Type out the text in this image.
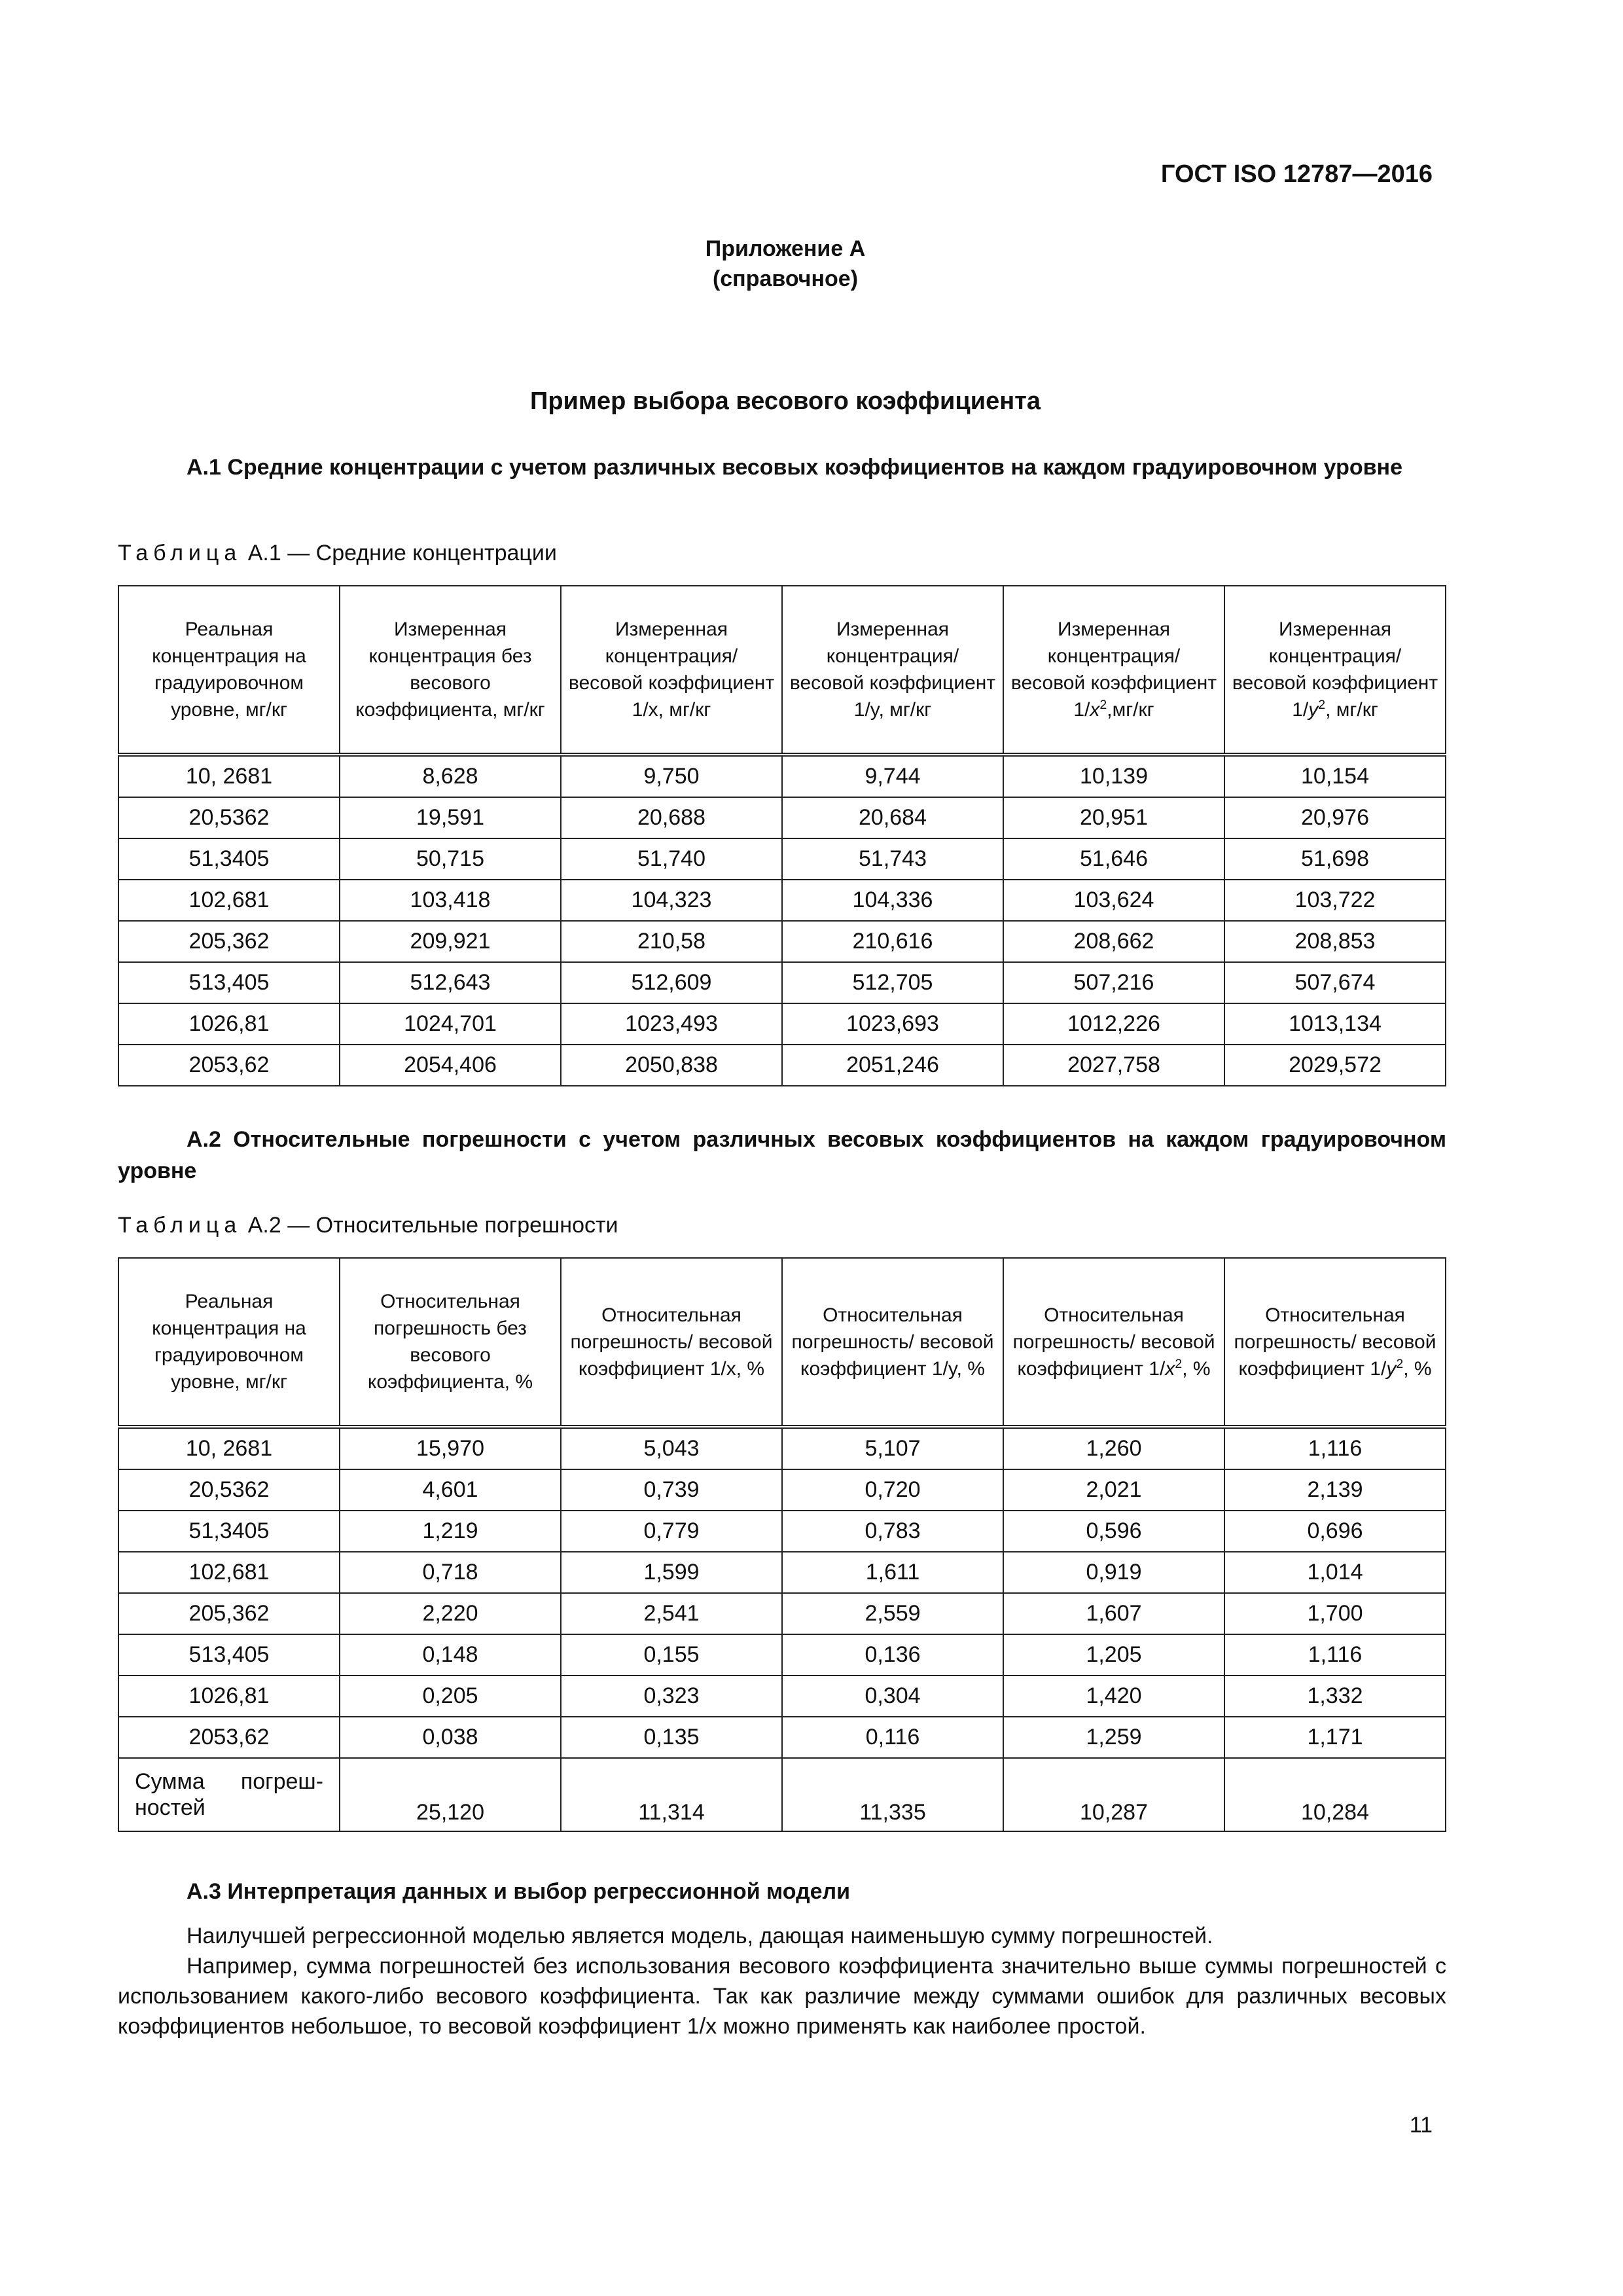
ГОСТ ISO 12787—2016
Приложение А
(справочное)
Пример выбора весового коэффициента
А.1 Средние концентрации с учетом различных весовых коэффициентов на каждом градуировочном уровне
Таблица А.1 — Средние концентрации
Реальная концентрация на градуировочном уровне, мг/кг	Измеренная концентрация без весового коэффициента, мг/кг	Измеренная концентрация/ весовой коэффициент 1/x, мг/кг	Измеренная концентрация/ весовой коэффициент 1/y, мг/кг	Измеренная концентрация/ весовой коэффициент $1/x^2,мг/кг$	Измеренная концентрация/ весовой коэффициент $1/y^2$, мг/кг
10, 2681	8,628	9,750	9,744	10,139	10,154
20,5362	19,591	20,688	20,684	20,951	20,976
51,3405	50,715	51,740	51,743	51,646	51,698
102,681	103,418	104,323	104,336	103,624	103,722
205,362	209,921	210,58	210,616	208,662	208,853
513,405	512,643	512,609	512,705	507,216	507,674
1026,81	1024,701	1023,493	1023,693	1012,226	1013,134
2053,62	2054,406	2050,838	2051,246	2027,758	2029,572
А.2 Относительные погрешности с учетом различных весовых коэффициентов на каждом градуировочном уровне
Таблица А.2 — Относительные погрешности
Реальная концентрация на градуировочном уровне, мг/кг	Относительная погрешность без весового коэффициента, %	Относительная погрешность/ весовой коэффициент 1/x, %	Относительная погрешность/ весовой коэффициент 1/y, %	Относительная погрешность/ весовой коэффициент $1/x^2$, %	Относительная погрешность/ весовой коэффициент $1/y^2$, %
10, 2681	15,970	5,043	5,107	1,260	1,116
20,5362	4,601	0,739	0,720	2,021	2,139
51,3405	1,219	0,779	0,783	0,596	0,696
102,681	0,718	1,599	1,611	0,919	1,014
205,362	2,220	2,541	2,559	1,607	1,700
513,405	0,148	0,155	0,136	1,205	1,116
1026,81	0,205	0,323	0,304	1,420	1,332
2053,62	0,038	0,135	0,116	1,259	1,171
Сумма погреш-ностей	25,120	11,314	11,335	10,287	10,284
А.3 Интерпретация данных и выбор регрессионной модели
Наилучшей регрессионной моделью является модель, дающая наименьшую сумму погрешностей.
Например, сумма погрешностей без использования весового коэффициента значительно выше суммы погрешностей с использованием какого-либо весового коэффициента. Так как различие между суммами ошибок для различных весовых коэффициентов небольшое, то весовой коэффициент 1/x можно применять как наиболее простой.
11
